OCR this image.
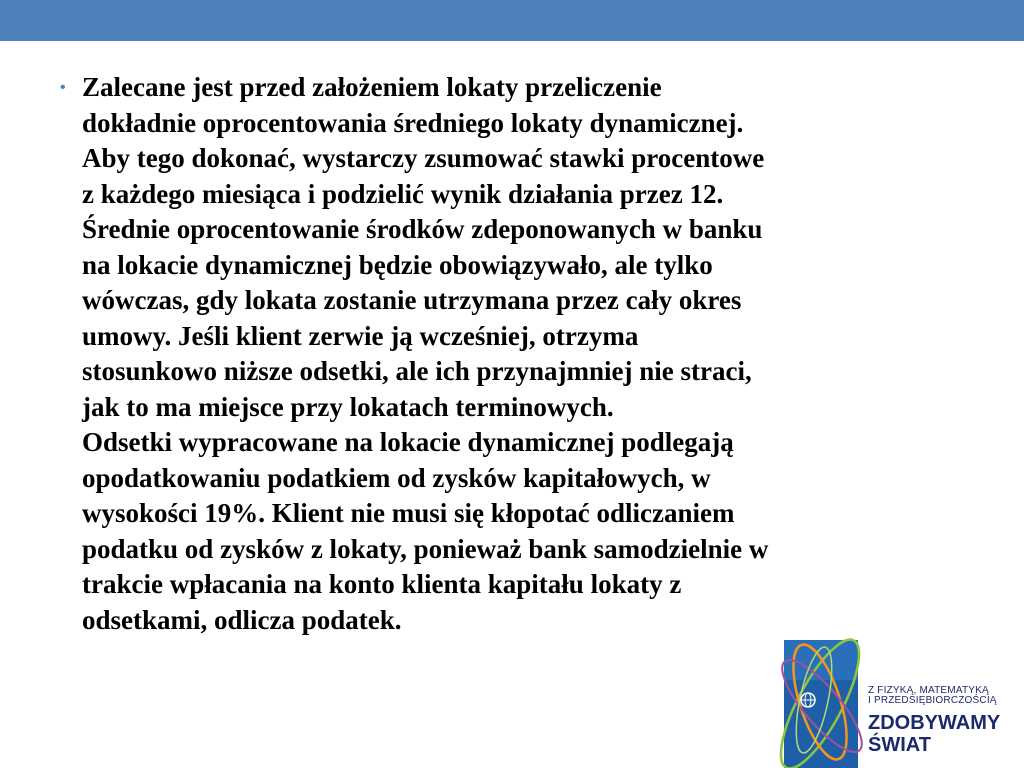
• Zalecane jest przed założeniem lokaty przeliczenie
dokładnie oprocentowania średniego lokaty dynamicznej.
Aby tego dokonać, wystarczy zsumować stawki procentowe
z każdego miesiąca i podzielić wynik działania przez 12.
Średnie oprocentowanie środków zdeponowanych w banku
na lokacie dynamicznej będzie obowiązywało, ale tylko
wówczas, gdy lokata zostanie utrzymana przez cały okres
umowy. Jeśli klient zerwie ją wcześniej, otrzyma
stosunkowo niższe odsetki, ale ich przynajmniej nie straci,
jak to ma miejsce przy lokatach terminowych.
Odsetki wypracowane na lokacie dynamicznej podlegają
opodatkowaniu podatkiem od zysków kapitałowych, w
wysokości 19%. Klient nie musi się kłopotać odliczaniem
podatku od zysków z lokaty, ponieważ bank samodzielnie w
trakcie wpłacania na konto klienta kapitału lokaty z
odsetkami, odlicza podatek.
Z FIZYKĄ, MATEMATYKĄ
I PRZEDSIĘBIORCZOŚCIĄ
ZDOBYWAMY
ŚWIAT
